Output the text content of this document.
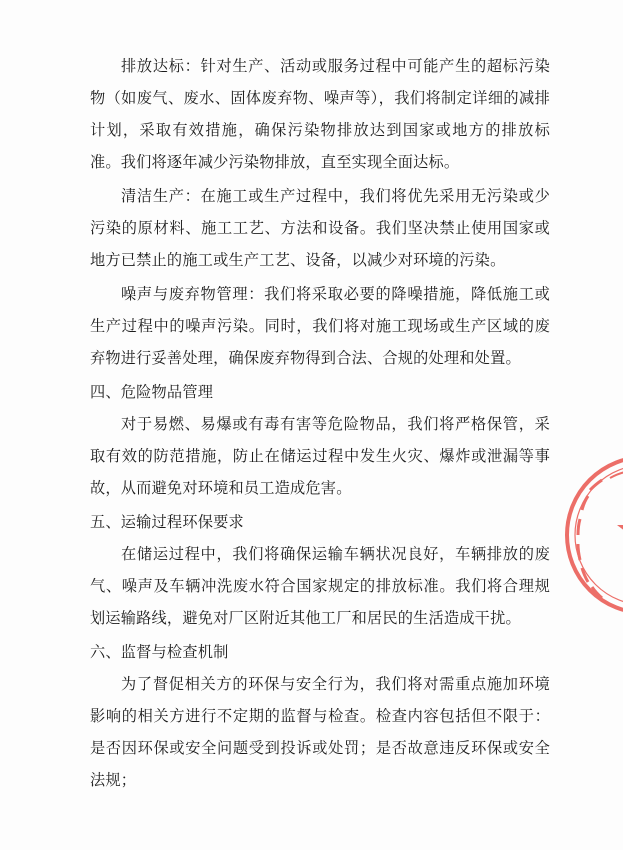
排放达标：针对生产、活动或服务过程中可能产生的超标污染物（如废气、废水、固体废弃物、噪声等），我们将制定详细的减排计划，采取有效措施，确保污染物排放达到国家或地方的排放标准。我们将逐年减少污染物排放，直至实现全面达标。

清洁生产：在施工或生产过程中，我们将优先采用无污染或少污染的原材料、施工工艺、方法和设备。我们坚决禁止使用国家或地方已禁止的施工或生产工艺、设备，以减少对环境的污染。

噪声与废弃物管理：我们将采取必要的降噪措施，降低施工或生产过程中的噪声污染。同时，我们将对施工现场或生产区域的废弃物进行妥善处理，确保废弃物得到合法、合规的处理和处置。

四、危险物品管理

对于易燃、易爆或有毒有害等危险物品，我们将严格保管，采取有效的防范措施，防止在储运过程中发生火灾、爆炸或泄漏等事故，从而避免对环境和员工造成危害。

五、运输过程环保要求

在储运过程中，我们将确保运输车辆状况良好，车辆排放的废气、噪声及车辆冲洗废水符合国家规定的排放标准。我们将合理规划运输路线，避免对厂区附近其他工厂和居民的生活造成干扰。

六、监督与检查机制

为了督促相关方的环保与安全行为，我们将对需重点施加环境影响的相关方进行不定期的监督与检查。检查内容包括但不限于：是否因环保或安全问题受到投诉或处罚；是否故意违反环保或安全法规；
